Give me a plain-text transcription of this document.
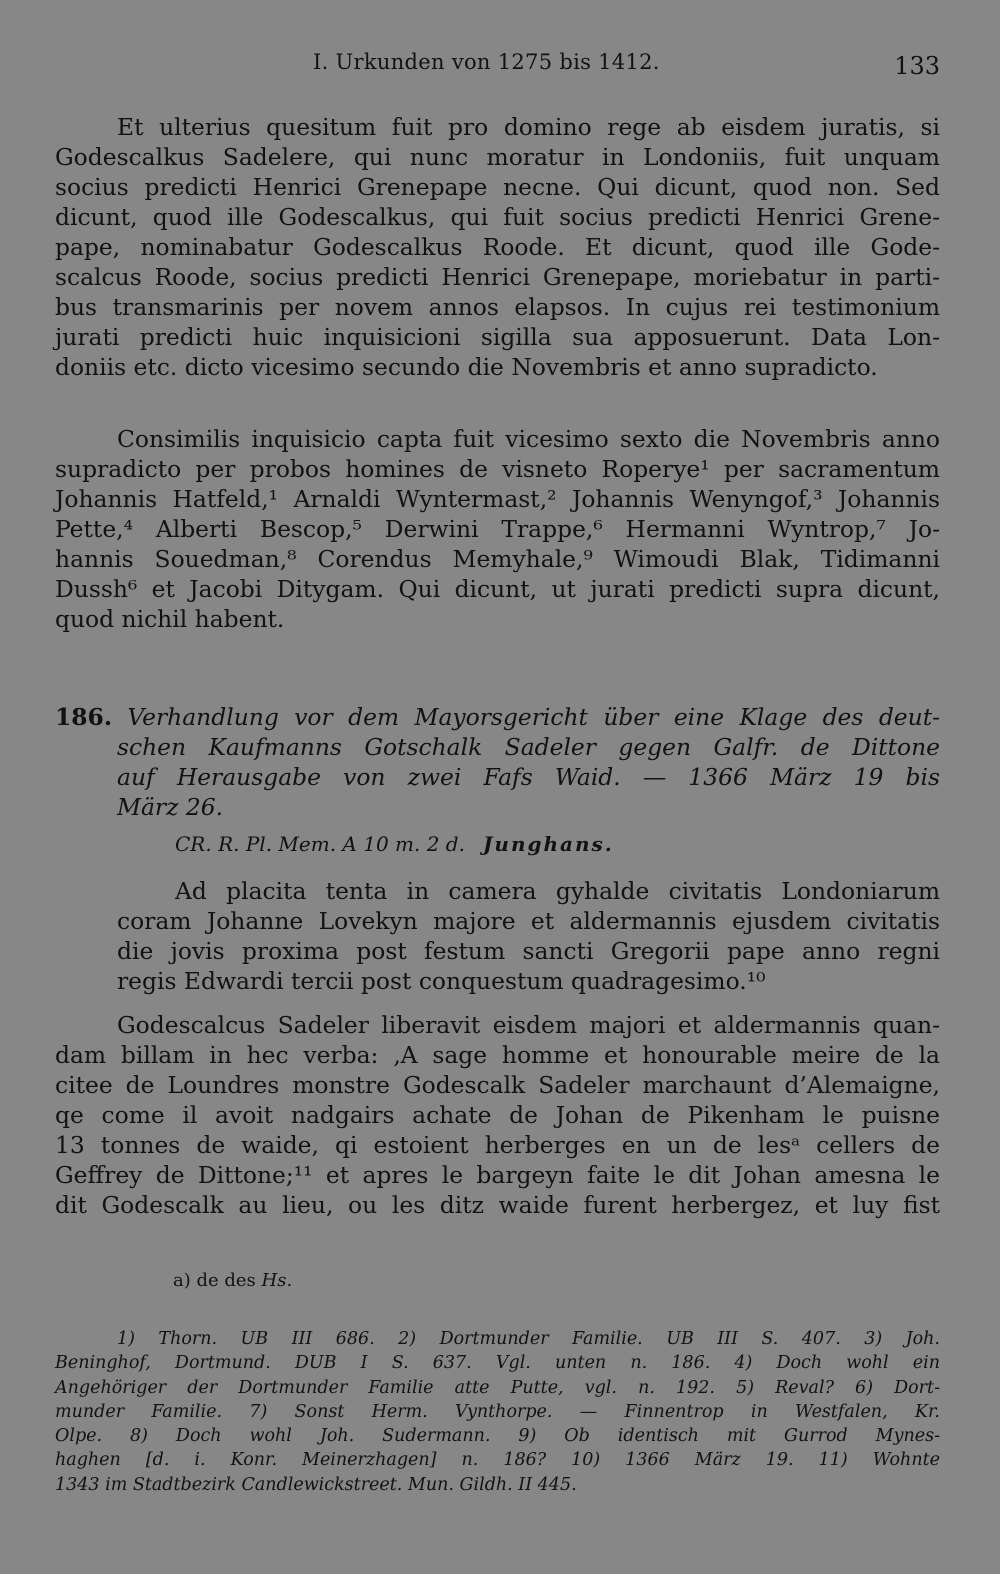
I. Urkunden von 1275 bis 1412.	133
Et ulterius quesitum fuit pro domino rege ab eisdem juratis, si
Godescalkus Sadelere, qui nunc moratur in Londoniis, fuit unquam
socius predicti Henrici Grenepape necne. Qui dicunt, quod non. Sed
dicunt, quod ille Godescalkus, qui fuit socius predicti Henrici Grene-
pape, nominabatur Godescalkus Roode. Et dicunt, quod ille Gode-
scalcus Roode, socius predicti Henrici Grenepape, moriebatur in parti-
bus transmarinis per novem annos elapsos. In cujus rei testimonium
jurati predicti huic inquisicioni sigilla sua apposuerunt. Data Lon-
doniis etc. dicto vicesimo secundo die Novembris et anno supradicto.
Consimilis inquisicio capta fuit vicesimo sexto die Novembris anno
supradicto per probos homines de visneto Roperye¹ per sacramentum
Johannis Hatfeld,¹ Arnaldi Wyntermast,² Johannis Wenyngof,³ Johannis
Pette,⁴ Alberti Bescop,⁵ Derwini Trappe,⁶ Hermanni Wyntrop,⁷ Jo-
hannis Souedman,⁸ Corendus Memyhale,⁹ Wimoudi Blak, Tidimanni
Dussh⁶ et Jacobi Ditygam. Qui dicunt, ut jurati predicti supra dicunt,
quod nichil habent.
186. Verhandlung vor dem Mayorsgericht über eine Klage des deut-
schen Kaufmanns Gotschalk Sadeler gegen Galfr. de Dittone
auf Herausgabe von zwei Fafs Waid. — 1366 März 19 bis
März 26.
CR. R. Pl. Mem. A 10 m. 2 d. Junghans.
Ad placita tenta in camera gyhalde civitatis Londoniarum
coram Johanne Lovekyn majore et aldermannis ejusdem civitatis
die jovis proxima post festum sancti Gregorii pape anno regni
regis Edwardi tercii post conquestum quadragesimo.¹⁰
Godescalcus Sadeler liberavit eisdem majori et aldermannis quan-
dam billam in hec verba: ‚A sage homme et honourable meire de la
citee de Loundres monstre Godescalk Sadeler marchaunt d’Alemaigne,
qe come il avoit nadgairs achate de Johan de Pikenham le puisne
13 tonnes de waide, qi estoient herberges en un de lesᵃ cellers de
Geffrey de Dittone;¹¹ et apres le bargeyn faite le dit Johan amesna le
dit Godescalk au lieu, ou les ditz waide furent herbergez, et luy fist
a) de des Hs.
1) Thorn. UB III 686. 2) Dortmunder Familie. UB III S. 407. 3) Joh.
Beninghof, Dortmund. DUB I S. 637. Vgl. unten n. 186. 4) Doch wohl ein
Angehöriger der Dortmunder Familie atte Putte, vgl. n. 192. 5) Reval? 6) Dort-
munder Familie. 7) Sonst Herm. Vynthorpe. — Finnentrop in Westfalen, Kr.
Olpe. 8) Doch wohl Joh. Sudermann. 9) Ob identisch mit Gurrod Mynes-
haghen [d. i. Konr. Meinerzhagen] n. 186? 10) 1366 März 19. 11) Wohnte
1343 im Stadtbezirk Candlewickstreet. Mun. Gildh. II 445.
